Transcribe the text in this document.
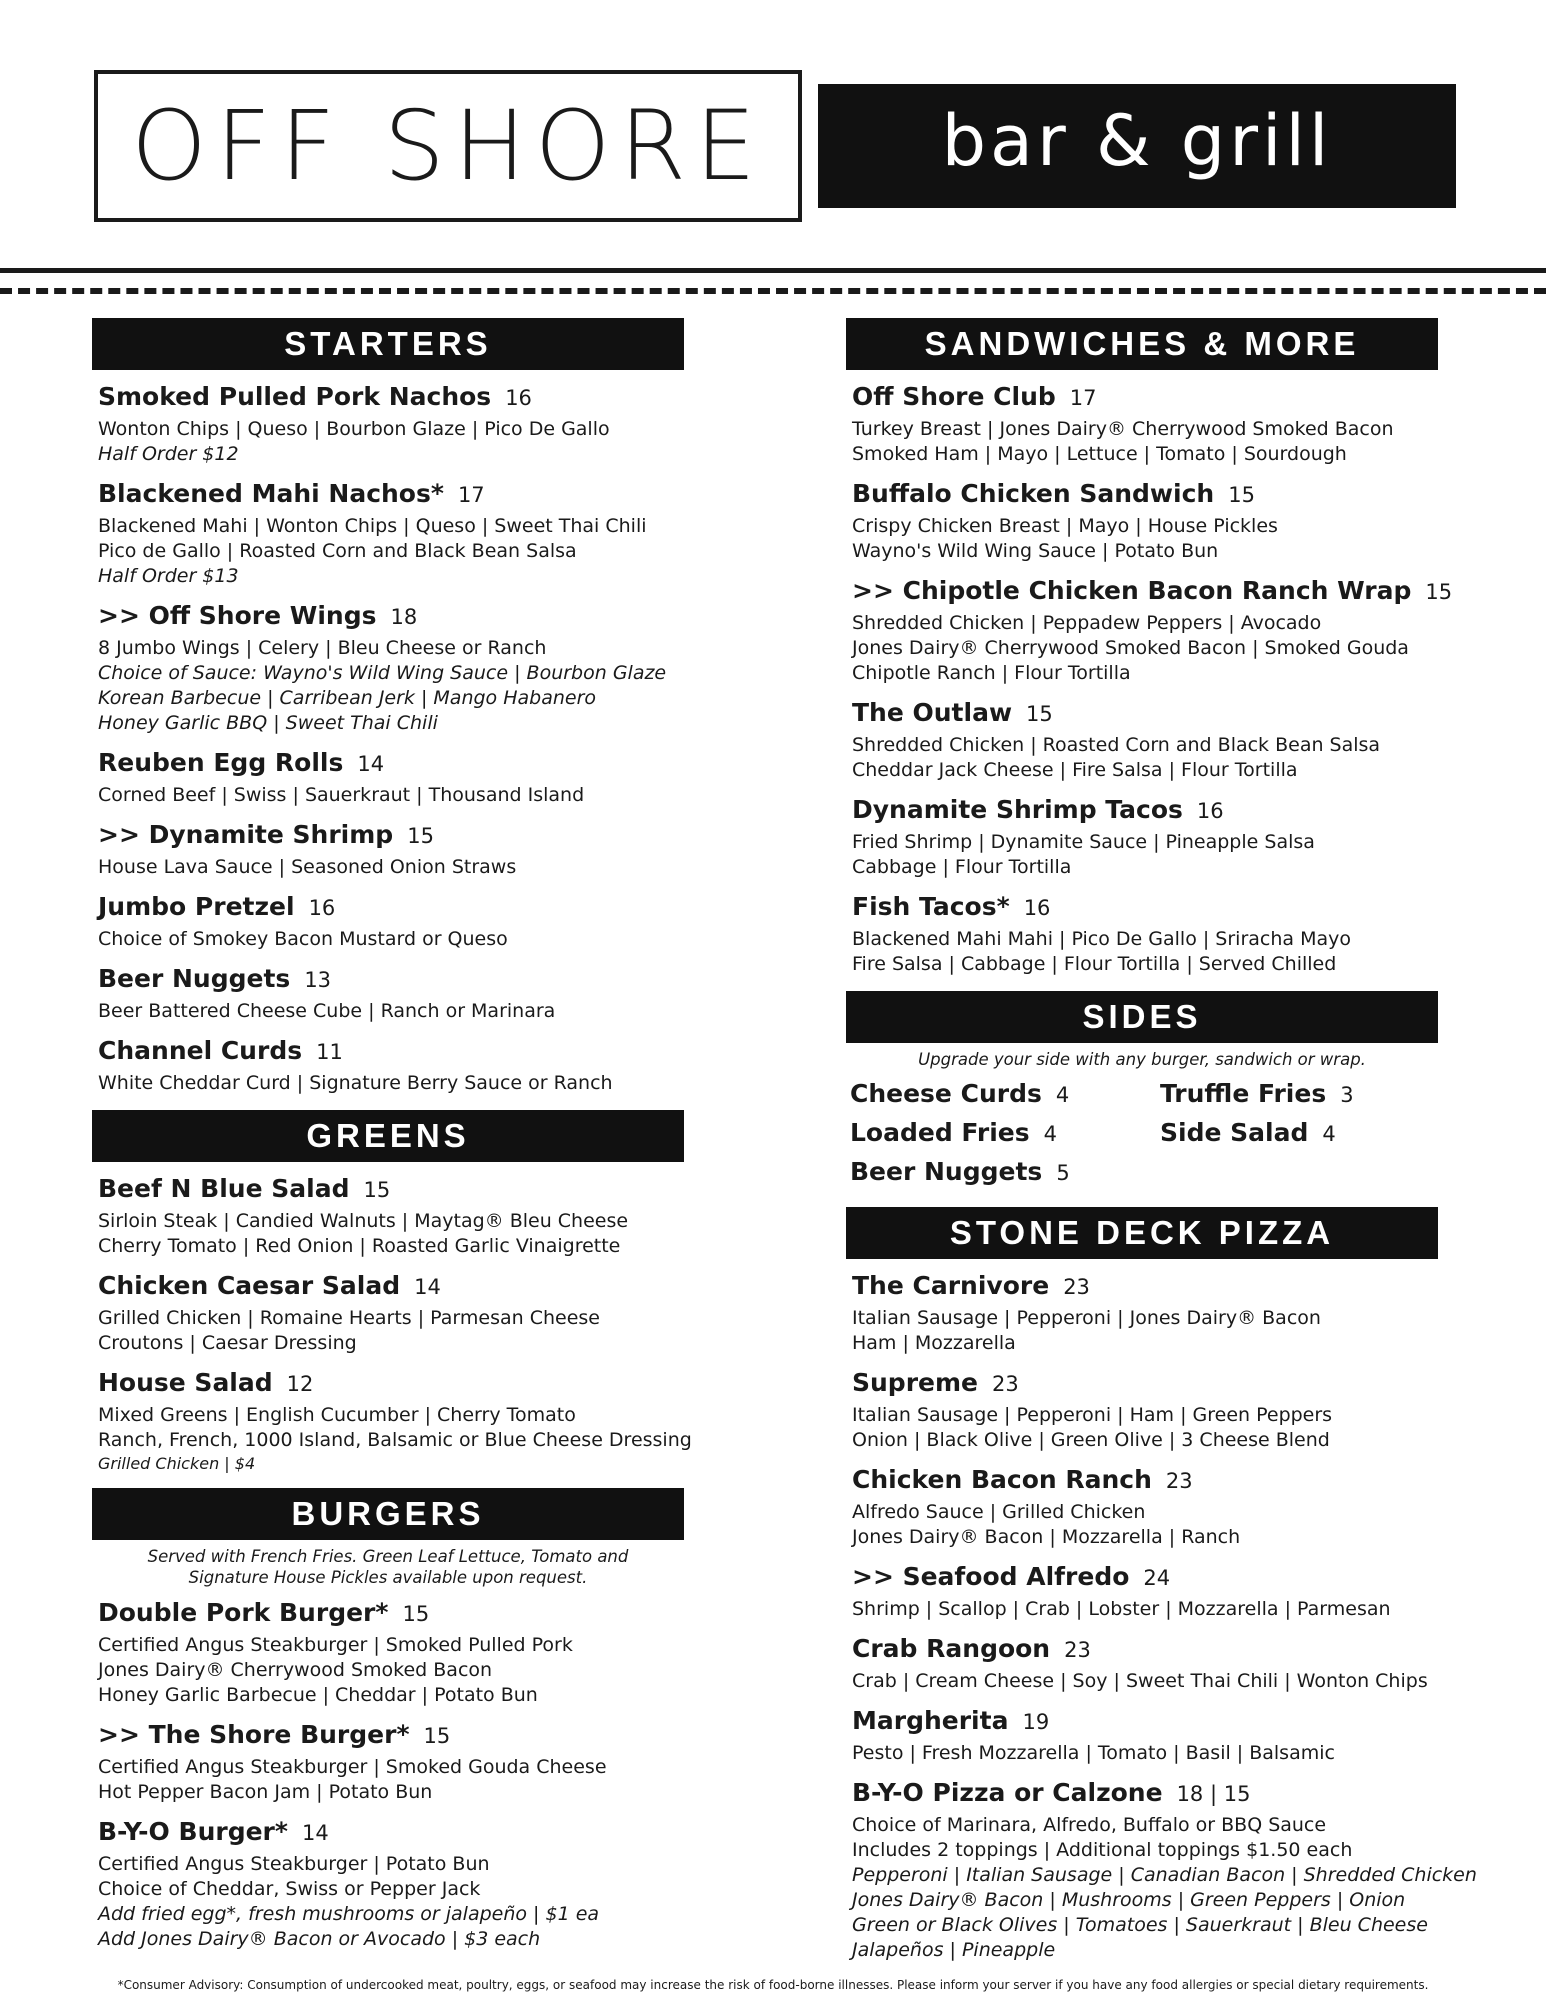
OFF SHORE	bar & grill
STARTERS
Smoked Pulled Pork Nachos 16
Wonton Chips | Queso | Bourbon Glaze | Pico De Gallo
Half Order $12
Blackened Mahi Nachos* 17
Blackened Mahi | Wonton Chips | Queso | Sweet Thai Chili
Pico de Gallo | Roasted Corn and Black Bean Salsa
Half Order $13
>> Off Shore Wings 18
8 Jumbo Wings | Celery | Bleu Cheese or Ranch
Choice of Sauce: Wayno's Wild Wing Sauce | Bourbon Glaze
Korean Barbecue | Carribean Jerk | Mango Habanero
Honey Garlic BBQ | Sweet Thai Chili
Reuben Egg Rolls 14
Corned Beef | Swiss | Sauerkraut | Thousand Island
>> Dynamite Shrimp 15
House Lava Sauce | Seasoned Onion Straws
Jumbo Pretzel 16
Choice of Smokey Bacon Mustard or Queso
Beer Nuggets 13
Beer Battered Cheese Cube | Ranch or Marinara
Channel Curds 11
White Cheddar Curd | Signature Berry Sauce or Ranch
GREENS
Beef N Blue Salad 15
Sirloin Steak | Candied Walnuts | Maytag® Bleu Cheese
Cherry Tomato | Red Onion | Roasted Garlic Vinaigrette
Chicken Caesar Salad 14
Grilled Chicken | Romaine Hearts | Parmesan Cheese
Croutons | Caesar Dressing
House Salad 12
Mixed Greens | English Cucumber | Cherry Tomato
Ranch, French, 1000 Island, Balsamic or Blue Cheese Dressing
Grilled Chicken | $4
BURGERS
Served with French Fries. Green Leaf Lettuce, Tomato and
Signature House Pickles available upon request.
Double Pork Burger* 15
Certified Angus Steakburger | Smoked Pulled Pork
Jones Dairy® Cherrywood Smoked Bacon
Honey Garlic Barbecue | Cheddar | Potato Bun
>> The Shore Burger* 15
Certified Angus Steakburger | Smoked Gouda Cheese
Hot Pepper Bacon Jam | Potato Bun
B-Y-O Burger* 14
Certified Angus Steakburger | Potato Bun
Choice of Cheddar, Swiss or Pepper Jack
Add fried egg*, fresh mushrooms or jalapeño | $1 ea
Add Jones Dairy® Bacon or Avocado | $3 each
SANDWICHES & MORE
Off Shore Club 17
Turkey Breast | Jones Dairy® Cherrywood Smoked Bacon
Smoked Ham | Mayo | Lettuce | Tomato | Sourdough
Buffalo Chicken Sandwich 15
Crispy Chicken Breast | Mayo | House Pickles
Wayno's Wild Wing Sauce | Potato Bun
>> Chipotle Chicken Bacon Ranch Wrap 15
Shredded Chicken | Peppadew Peppers | Avocado
Jones Dairy® Cherrywood Smoked Bacon | Smoked Gouda
Chipotle Ranch | Flour Tortilla
The Outlaw 15
Shredded Chicken | Roasted Corn and Black Bean Salsa
Cheddar Jack Cheese | Fire Salsa | Flour Tortilla
Dynamite Shrimp Tacos 16
Fried Shrimp | Dynamite Sauce | Pineapple Salsa
Cabbage | Flour Tortilla
Fish Tacos* 16
Blackened Mahi Mahi | Pico De Gallo | Sriracha Mayo
Fire Salsa | Cabbage | Flour Tortilla | Served Chilled
SIDES
Upgrade your side with any burger, sandwich or wrap.
Cheese Curds 4	Truffle Fries 3
Loaded Fries 4	Side Salad 4
Beer Nuggets 5
STONE DECK PIZZA
The Carnivore 23
Italian Sausage | Pepperoni | Jones Dairy® Bacon
Ham | Mozzarella
Supreme 23
Italian Sausage | Pepperoni | Ham | Green Peppers
Onion | Black Olive | Green Olive | 3 Cheese Blend
Chicken Bacon Ranch 23
Alfredo Sauce | Grilled Chicken
Jones Dairy® Bacon | Mozzarella | Ranch
>> Seafood Alfredo 24
Shrimp | Scallop | Crab | Lobster | Mozzarella | Parmesan
Crab Rangoon 23
Crab | Cream Cheese | Soy | Sweet Thai Chili | Wonton Chips
Margherita 19
Pesto | Fresh Mozzarella | Tomato | Basil | Balsamic
B-Y-O Pizza or Calzone 18 | 15
Choice of Marinara, Alfredo, Buffalo or BBQ Sauce
Includes 2 toppings | Additional toppings $1.50 each
Pepperoni | Italian Sausage | Canadian Bacon | Shredded Chicken
Jones Dairy® Bacon | Mushrooms | Green Peppers | Onion
Green or Black Olives | Tomatoes | Sauerkraut | Bleu Cheese
Jalapeños | Pineapple
*Consumer Advisory: Consumption of undercooked meat, poultry, eggs, or seafood may increase the risk of food-borne illnesses. Please inform your server if you have any food allergies or special dietary requirements.
